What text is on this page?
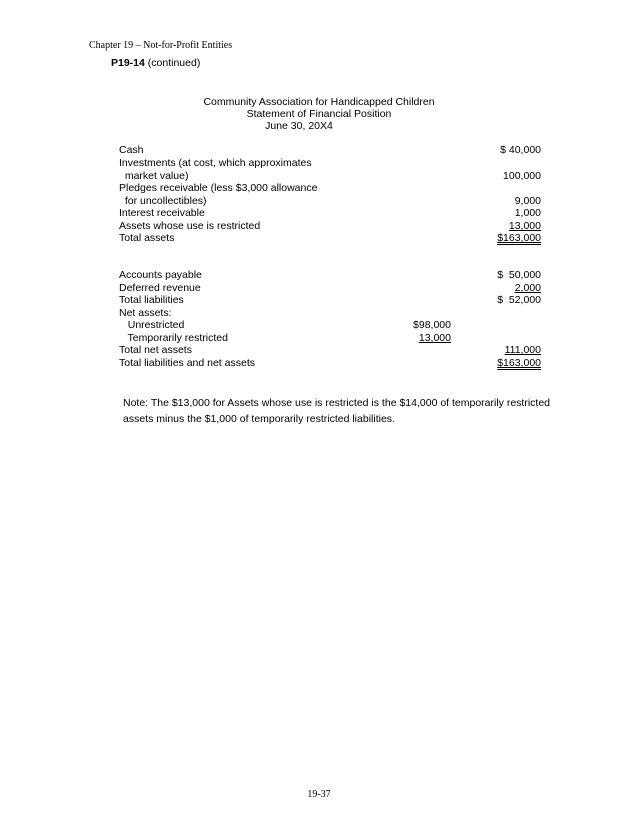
Chapter 19 – Not-for-Profit Entities
P19-14 (continued)
Community Association for Handicapped Children
Statement of Financial Position
June 30, 20X4
Cash	$ 40,000
Investments (at cost, which approximates
market value)	100,000
Pledges receivable (less $3,000 allowance
for uncollectibles)	9,000
Interest receivable	1,000
Assets whose use is restricted	13,000
Total assets	$163,000
Accounts payable	$  50,000
Deferred revenue	2,000
Total liabilities	$  52,000
Net assets:
Unrestricted	$98,000
Temporarily restricted	13,000
Total net assets	111,000
Total liabilities and net assets	$163,000
Note: The $13,000 for Assets whose use is restricted is the $14,000 of temporarily restricted assets minus the $1,000 of temporarily restricted liabilities.
19-37
